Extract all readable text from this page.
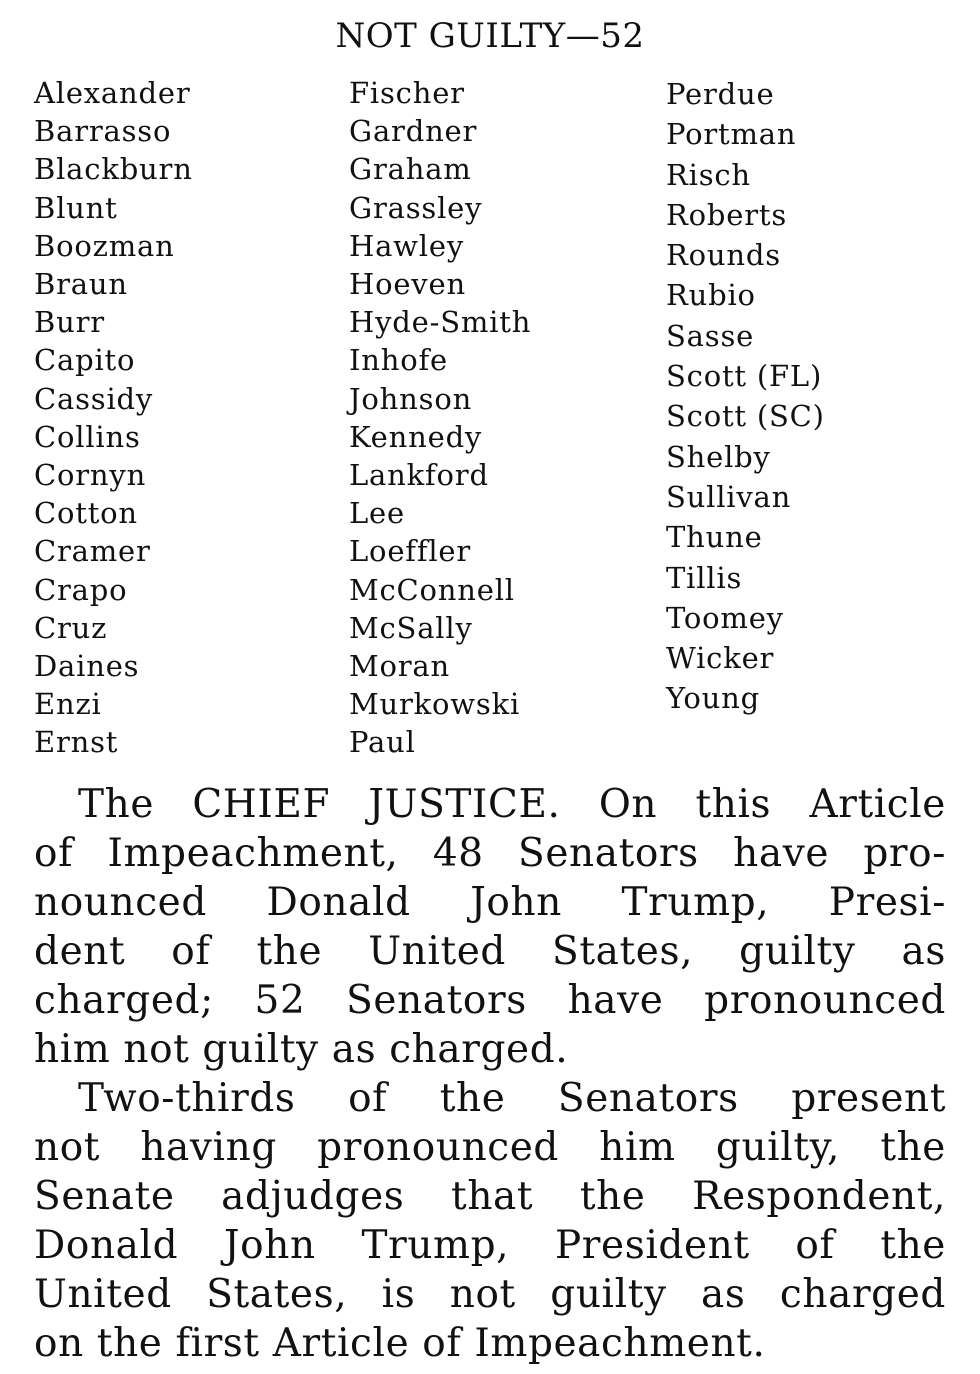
NOT GUILTY—52
Alexander
Barrasso
Blackburn
Blunt
Boozman
Braun
Burr
Capito
Cassidy
Collins
Cornyn
Cotton
Cramer
Crapo
Cruz
Daines
Enzi
Ernst
Fischer
Gardner
Graham
Grassley
Hawley
Hoeven
Hyde-Smith
Inhofe
Johnson
Kennedy
Lankford
Lee
Loeffler
McConnell
McSally
Moran
Murkowski
Paul
Perdue
Portman
Risch
Roberts
Rounds
Rubio
Sasse
Scott (FL)
Scott (SC)
Shelby
Sullivan
Thune
Tillis
Toomey
Wicker
Young
The CHIEF JUSTICE. On this Article
of Impeachment, 48 Senators have pro-
nounced Donald John Trump, Presi-
dent of the United States, guilty as
charged; 52 Senators have pronounced
him not guilty as charged.
Two-thirds of the Senators present
not having pronounced him guilty, the
Senate adjudges that the Respondent,
Donald John Trump, President of the
United States, is not guilty as charged
on the first Article of Impeachment.
